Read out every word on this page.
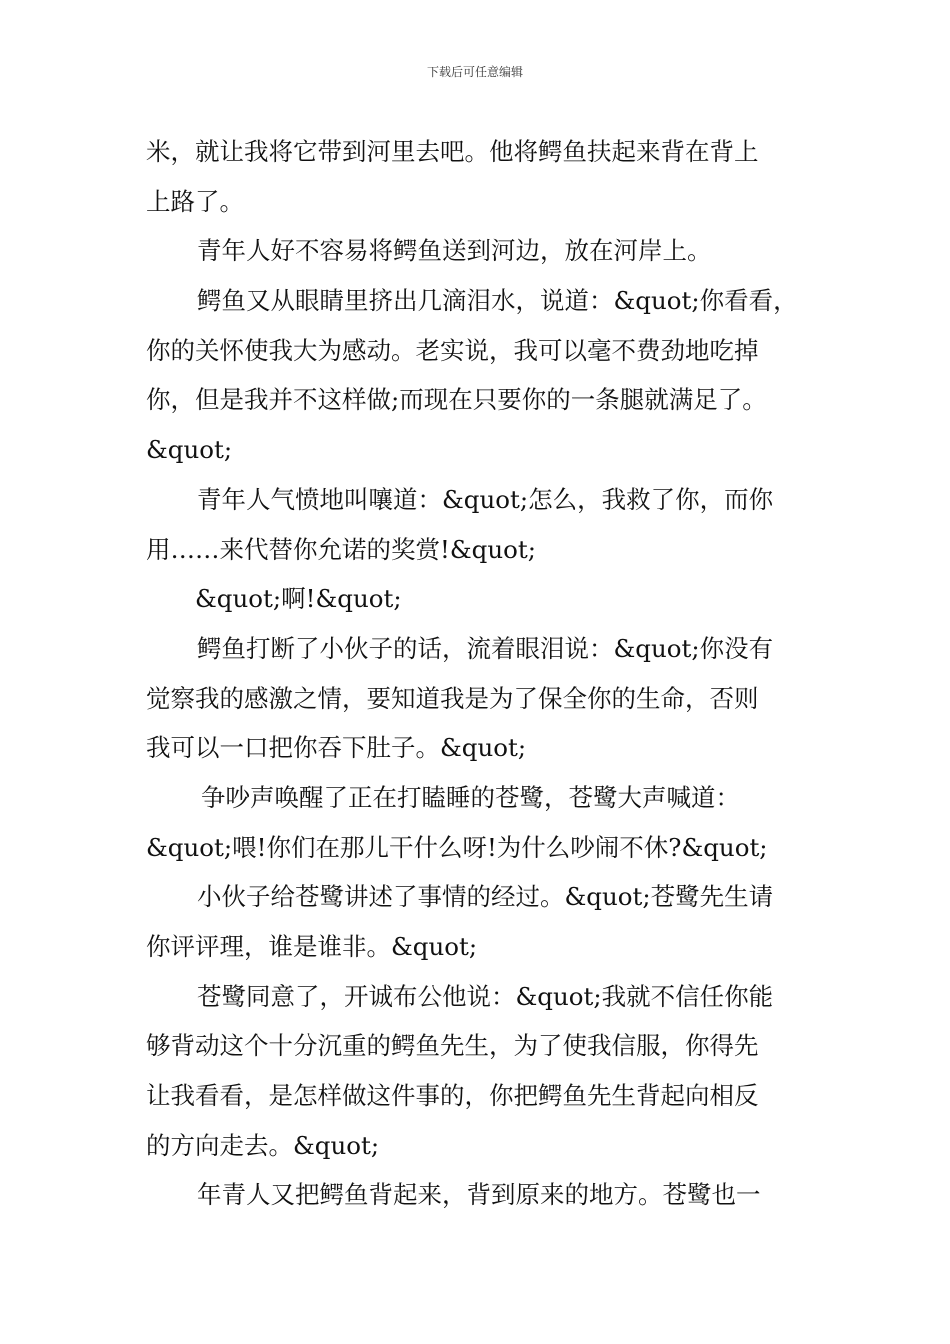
下载后可任意编辑
米，就让我将它带到河里去吧。他将鳄鱼扶起来背在背上
上路了。
青年人好不容易将鳄鱼送到河边，放在河岸上。
鳄鱼又从眼睛里挤出几滴泪水，说道：&quot;你看看，
你的关怀使我大为感动。老实说，我可以毫不费劲地吃掉
你，但是我并不这样做;而现在只要你的一条腿就满足了。
&quot;
青年人气愤地叫嚷道：&quot;怎么，我救了你，而你
用……来代替你允诺的奖赏!&quot;
&quot;啊!&quot;
鳄鱼打断了小伙子的话，流着眼泪说：&quot;你没有
觉察我的感激之情，要知道我是为了保全你的生命，否则
我可以一口把你吞下肚子。&quot;
争吵声唤醒了正在打瞌睡的苍鹭，苍鹭大声喊道：
&quot;喂!你们在那儿干什么呀!为什么吵闹不休?&quot;
小伙子给苍鹭讲述了事情的经过。&quot;苍鹭先生请
你评评理，谁是谁非。&quot;
苍鹭同意了，开诚布公他说：&quot;我就不信任你能
够背动这个十分沉重的鳄鱼先生，为了使我信服，你得先
让我看看，是怎样做这件事的，你把鳄鱼先生背起向相反
的方向走去。&quot;
年青人又把鳄鱼背起来，背到原来的地方。苍鹭也一
